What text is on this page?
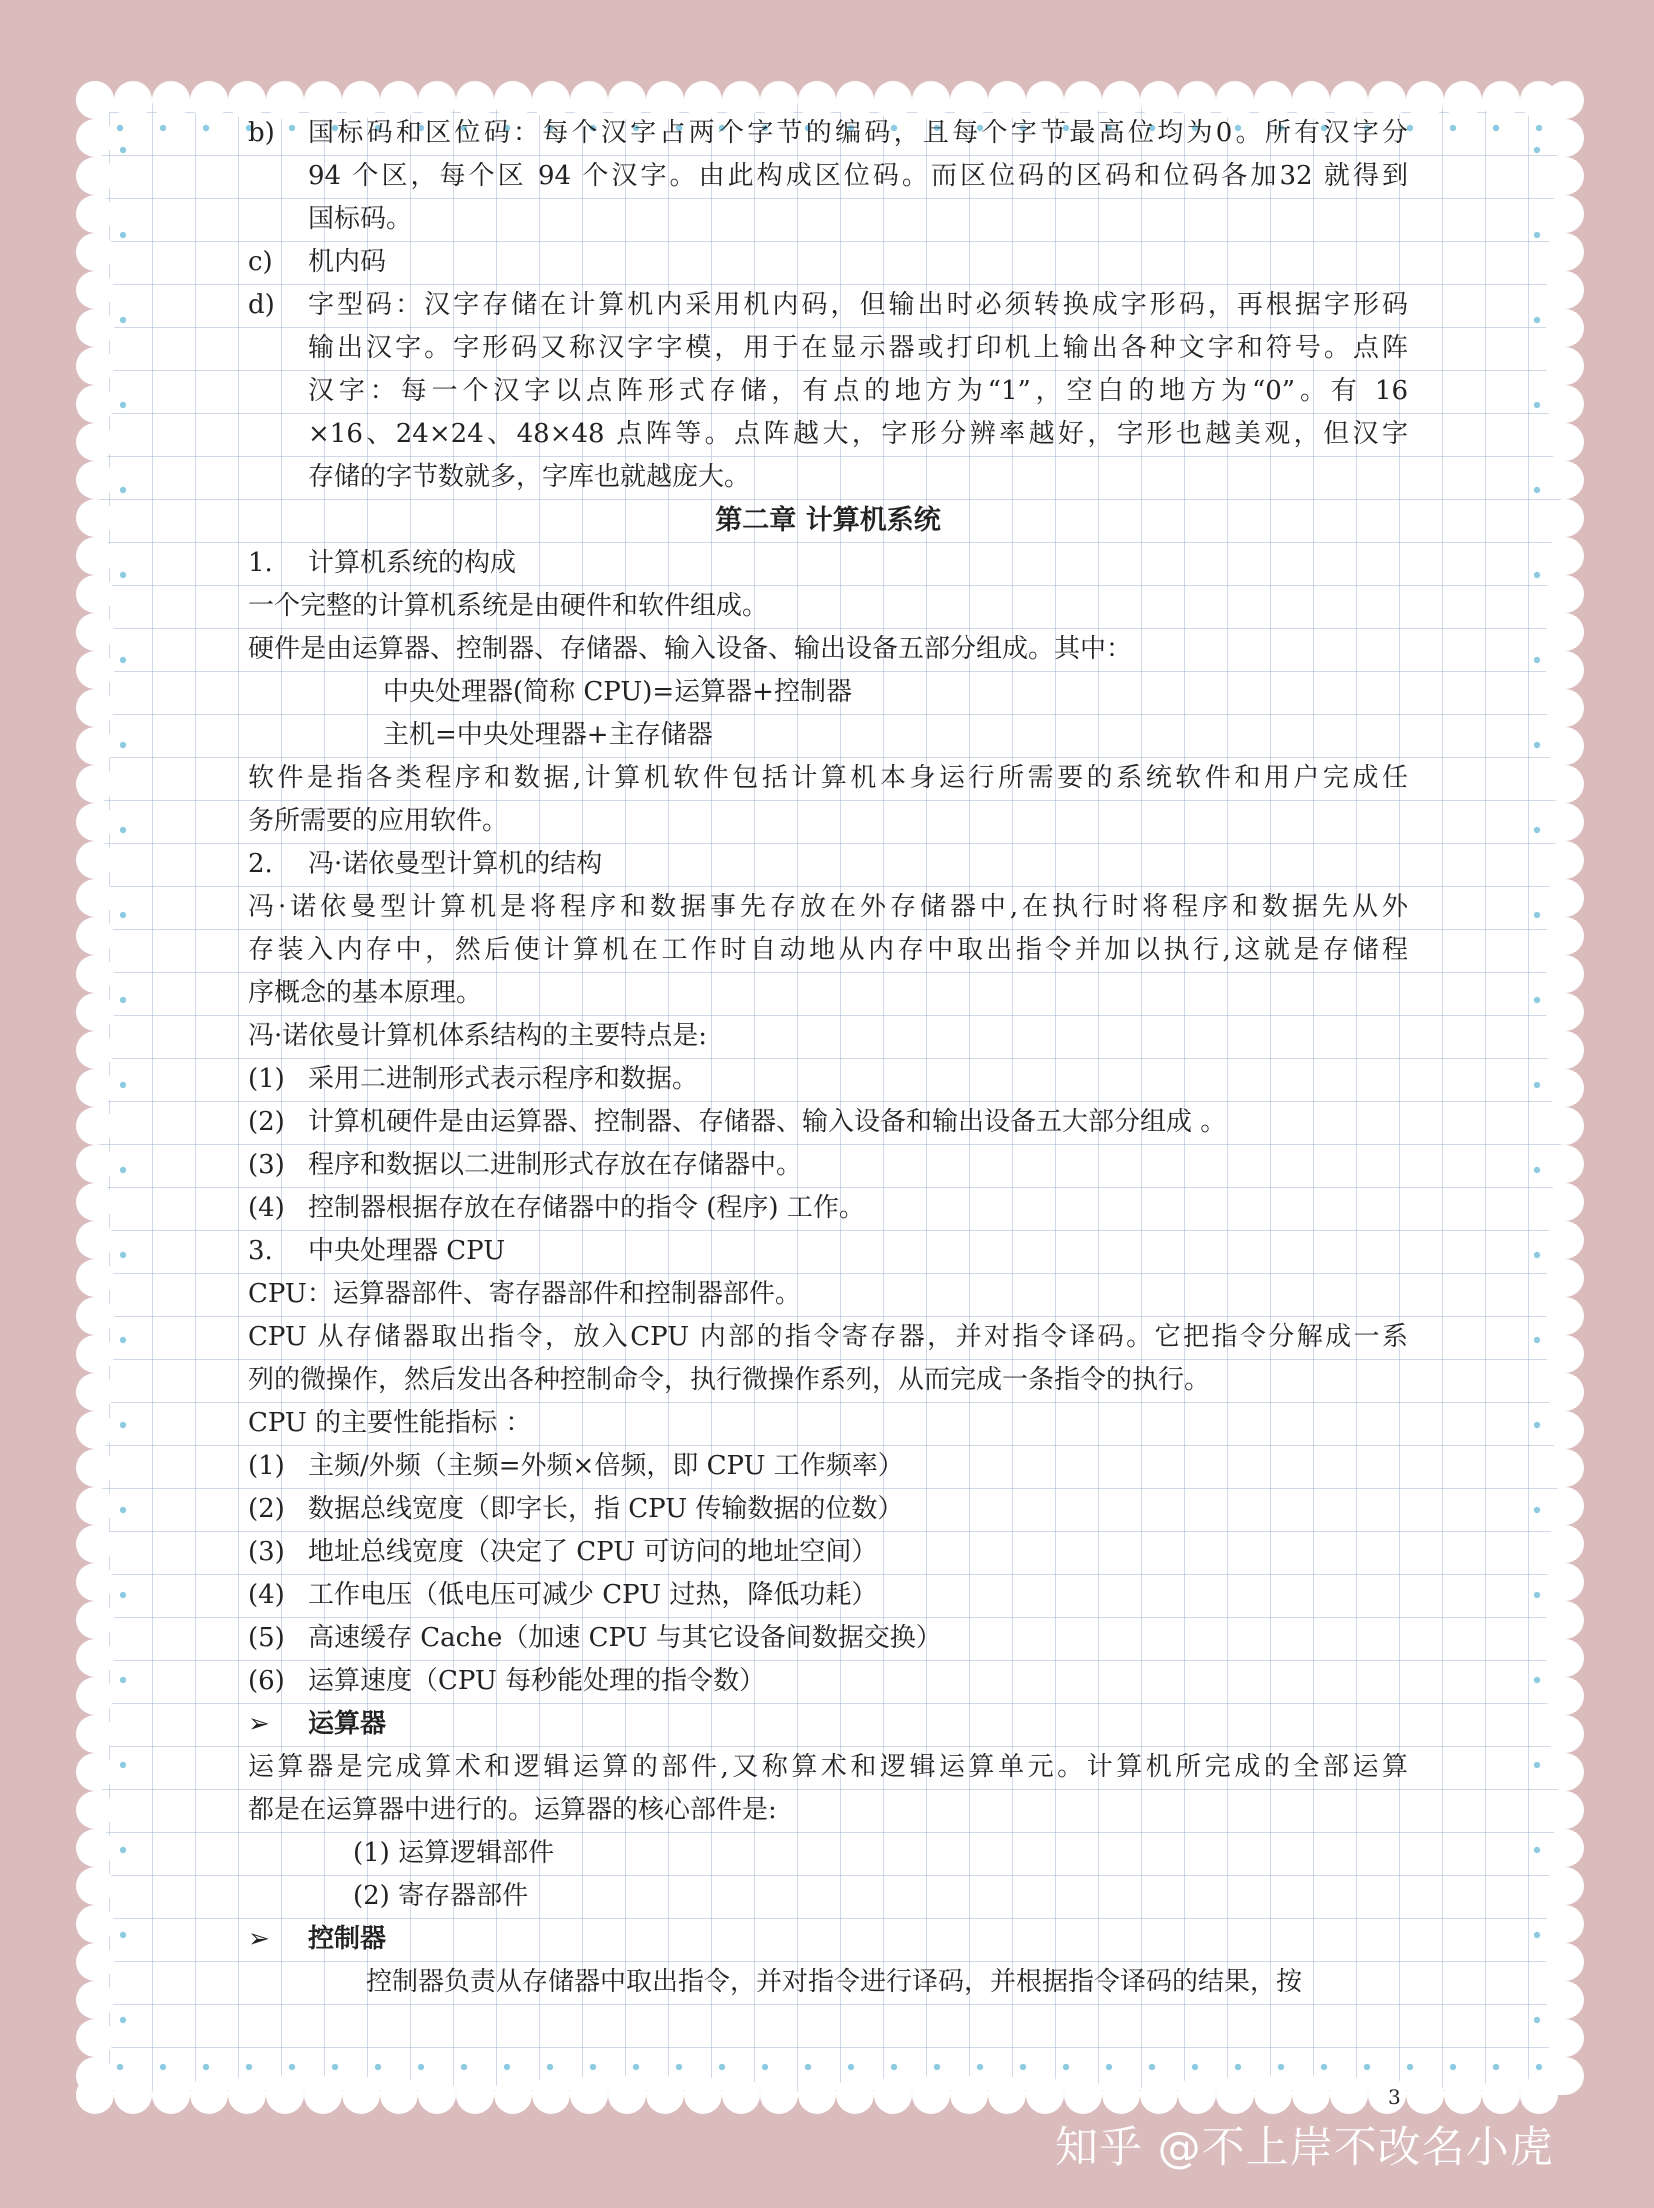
b)	国标码和区位码：每个汉字占两个字节的编码，且每个字节最高位均为0。所有汉字分
94 个区，每个区 94 个汉字。由此构成区位码。而区位码的区码和位码各加32 就得到
国标码。
c)	机内码
d)	字型码：汉字存储在计算机内采用机内码，但输出时必须转换成字形码，再根据字形码
输出汉字。字形码又称汉字字模，用于在显示器或打印机上输出各种文字和符号。点阵
汉字：每一个汉字以点阵形式存储，有点的地方为“1”，空白的地方为“0”。有 16
×16、24×24、48×48 点阵等。点阵越大，字形分辨率越好，字形也越美观，但汉字
存储的字节数就多，字库也就越庞大。
第二章 计算机系统
1.	计算机系统的构成
一个完整的计算机系统是由硬件和软件组成。
硬件是由运算器、控制器、存储器、输入设备、输出设备五部分组成。其中：
中央处理器(简称 CPU)=运算器+控制器
主机=中央处理器+主存储器
软件是指各类程序和数据,计算机软件包括计算机本身运行所需要的系统软件和用户完成任
务所需要的应用软件。
2.	冯·诺依曼型计算机的结构
冯·诺依曼型计算机是将程序和数据事先存放在外存储器中,在执行时将程序和数据先从外
存装入内存中，然后使计算机在工作时自动地从内存中取出指令并加以执行,这就是存储程
序概念的基本原理。
冯·诺依曼计算机体系结构的主要特点是:
(1) 采用二进制形式表示程序和数据。
(2) 计算机硬件是由运算器、控制器、存储器、输入设备和输出设备五大部分组成 。
(3) 程序和数据以二进制形式存放在存储器中。
(4) 控制器根据存放在存储器中的指令 (程序) 工作。
3.	中央处理器 CPU
CPU：运算器部件、寄存器部件和控制器部件。
CPU 从存储器取出指令，放入CPU 内部的指令寄存器，并对指令译码。它把指令分解成一系
列的微操作，然后发出各种控制命令，执行微操作系列，从而完成一条指令的执行。
CPU 的主要性能指标 ：
(1) 主频/外频（主频=外频×倍频，即 CPU 工作频率）
(2) 数据总线宽度（即字长，指 CPU 传输数据的位数）
(3) 地址总线宽度（决定了 CPU 可访问的地址空间）
(4) 工作电压（低电压可减少 CPU 过热，降低功耗）
(5) 高速缓存 Cache（加速 CPU 与其它设备间数据交换）
(6) 运算速度（CPU 每秒能处理的指令数）
➢	运算器
运算器是完成算术和逻辑运算的部件,又称算术和逻辑运算单元。计算机所完成的全部运算
都是在运算器中进行的。运算器的核心部件是:
(1) 运算逻辑部件
(2) 寄存器部件
➢	控制器
控制器负责从存储器中取出指令，并对指令进行译码，并根据指令译码的结果，按
3
知乎 @不上岸不改名小虎
